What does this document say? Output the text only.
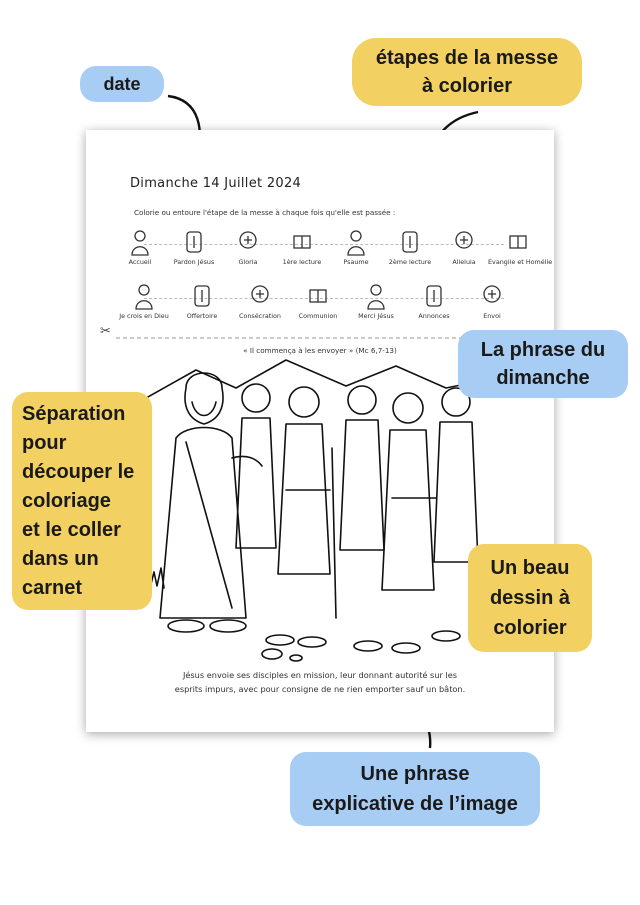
Dimanche 14 Juillet 2024
Colorie ou entoure l'étape de la messe à chaque fois qu'elle est passée :
Accueil	Pardon Jésus	Gloria	1ère lecture	Psaume	2ème lecture	Alleluia	Evangile et Homélie
Je crois en Dieu	Offertoire	Consécration	Communion	Merci Jésus	Annonces	Envoi
✂
« Il commença à les envoyer » (Mc 6,7-13)
Jésus envoie ses disciples en mission, leur donnant autorité sur les
esprits impurs, avec pour consigne de ne rien emporter sauf un bâton.
date
étapes de la messe
à colorier
La phrase du
dimanche
Séparation
pour
découper le
coloriage
et le coller
dans un
carnet
Un beau
dessin à
colorier
Une phrase
explicative de l’image
